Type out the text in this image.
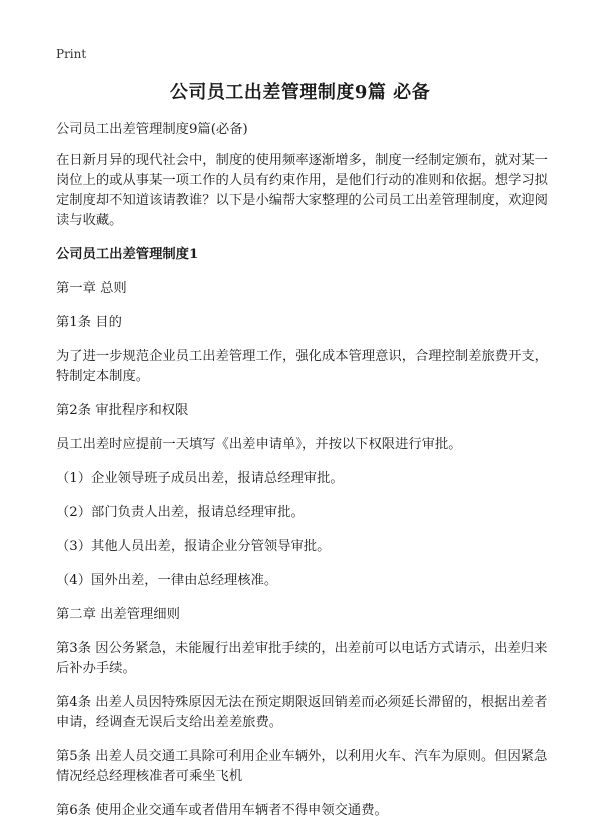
Print
公司员工出差管理制度9篇 必备

公司员工出差管理制度9篇(必备)

在日新月异的现代社会中，制度的使用频率逐渐增多，制度一经制定颁布，就对某一岗位上的或从事某一项工作的人员有约束作用，是他们行动的准则和依据。想学习拟定制度却不知道该请教谁？以下是小编帮大家整理的公司员工出差管理制度，欢迎阅读与收藏。

公司员工出差管理制度1

第一章 总则

第1条 目的

为了进一步规范企业员工出差管理工作，强化成本管理意识，合理控制差旅费开支，特制定本制度。

第2条 审批程序和权限

员工出差时应提前一天填写《出差申请单》，并按以下权限进行审批。

（1）企业领导班子成员出差，报请总经理审批。

（2）部门负责人出差，报请总经理审批。

（3）其他人员出差，报请企业分管领导审批。

（4）国外出差，一律由总经理核准。

第二章 出差管理细则

第3条 因公务紧急，未能履行出差审批手续的，出差前可以电话方式请示，出差归来后补办手续。

第4条 出差人员因特殊原因无法在预定期限返回销差而必须延长滞留的，根据出差者申请，经调查无误后支给出差差旅费。

第5条 出差人员交通工具除可利用企业车辆外，以利用火车、汽车为原则。但因紧急情况经总经理核准者可乘坐飞机

第6条 使用企业交通车或者借用车辆者不得申领交通费。
